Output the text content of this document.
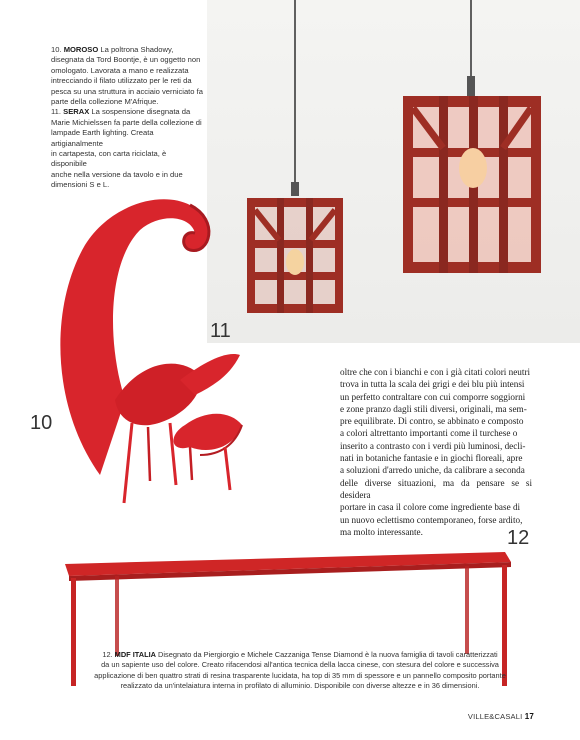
11
10. MOROSO La poltrona Shadowy,
disegnata da Tord Boontje, è un oggetto non
omologato. Lavorata a mano e realizzata
intrecciando il filato utilizzato per le reti da
pesca su una struttura in acciaio verniciato fa
parte della collezione M'Afrique.
11. SERAX La sospensione disegnata da
Marie Michielssen fa parte della collezione di
lampade Earth lighting. Creata artigianalmente
in cartapesta, con carta riciclata, è disponibile
anche nella versione da tavolo e in due
dimensioni S e L.
10
oltre che con i bianchi e con i già citati colori neutri
trova in tutta la scala dei grigi e dei blu più intensi
un perfetto contraltare con cui comporre soggiorni
e zone pranzo dagli stili diversi, originali, ma sem-
pre equilibrate. Di contro, se abbinato e composto
a colori altrettanto importanti come il turchese o
inserito a contrasto con i verdi più luminosi, decli-
nati in botaniche fantasie e in giochi floreali, apre
a soluzioni d'arredo uniche, da calibrare a seconda
delle diverse situazioni, ma da pensare se si desidera
portare in casa il colore come ingrediente base di
un nuovo eclettismo contemporaneo, forse ardito,
ma molto interessante.	12
12. MDF ITALIA Disegnato da Piergiorgio e Michele Cazzaniga Tense Diamond è la nuova famiglia di tavoli caratterizzati
da un sapiente uso del colore. Creato rifacendosi all'antica tecnica della lacca cinese, con stesura del colore e successiva
applicazione di ben quattro strati di resina trasparente lucidata, ha top di 35 mm di spessore e un pannello composito portante
realizzato da un'intelaiatura interna in profilato di alluminio. Disponibile con diverse altezze e in 36 dimensioni.
VILLE&CASALI 17
